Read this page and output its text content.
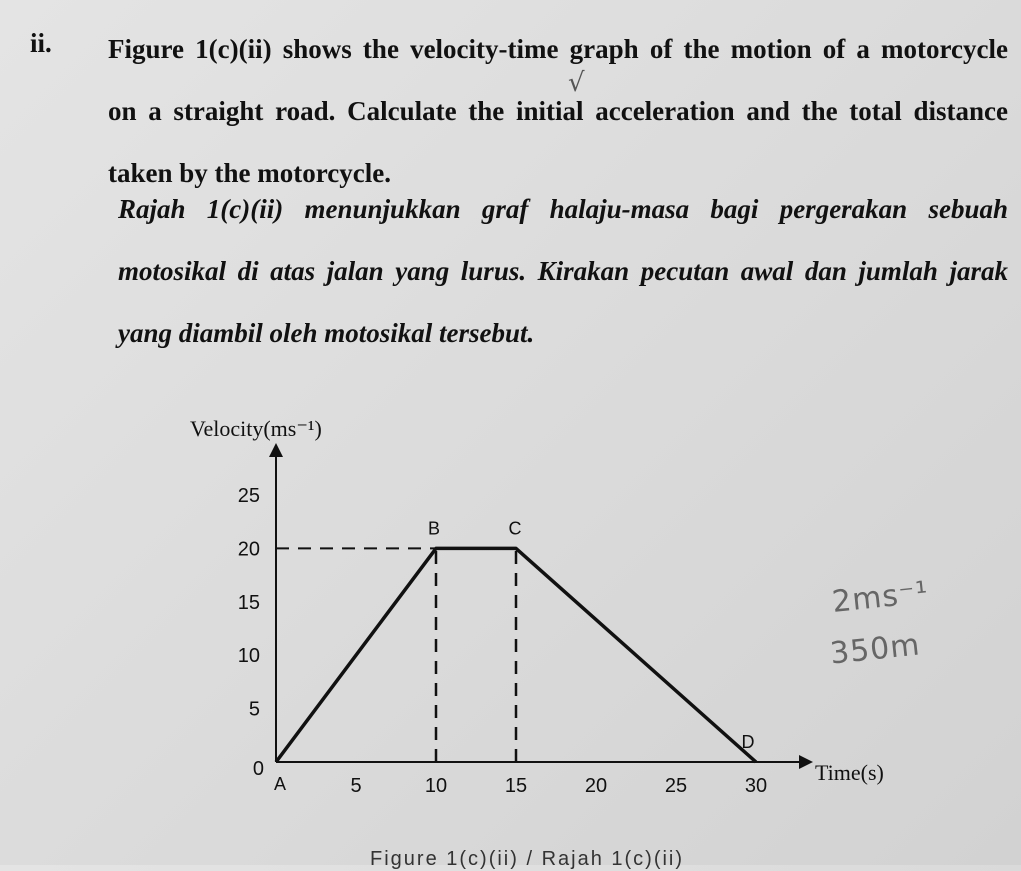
ii. Figure 1(c)(ii) shows the velocity-time graph of the motion of a motorcycle
on a straight road. Calculate the initial acceleration and the total distance
taken by the motorcycle.
√
Rajah 1(c)(ii) menunjukkan graf halaju-masa bagi pergerakan sebuah
motosikal di atas jalan yang lurus. Kirakan pecutan awal dan jumlah jarak
yang diambil oleh motosikal tersebut.
5	10	15	20	25	30
0
5
10
15
20
25
A
B	C
D
Velocity(ms⁻¹)
Time(s)
2ms⁻¹
350m
Figure 1(c)(ii) / Rajah 1(c)(ii)
